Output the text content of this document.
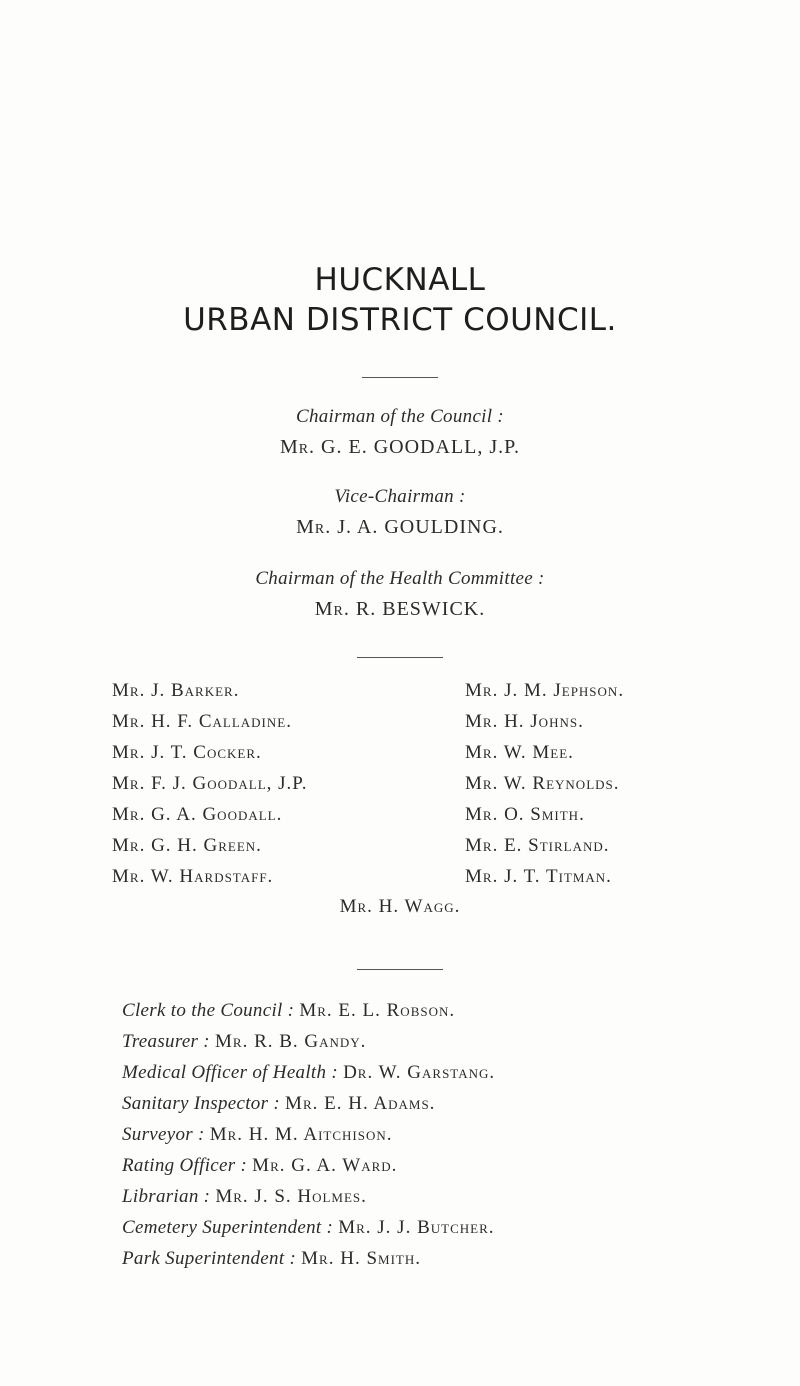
HUCKNALL
URBAN DISTRICT COUNCIL.
Chairman of the Council :
Mr. G. E. GOODALL, J.P.
Vice-Chairman :
Mr. J. A. GOULDING.
Chairman of the Health Committee :
Mr. R. BESWICK.
Mr. J. Barker.
Mr. H. F. Calladine.
Mr. J. T. Cocker.
Mr. F. J. Goodall, J.P.
Mr. G. A. Goodall.
Mr. G. H. Green.
Mr. W. Hardstaff.
Mr. J. M. Jephson.
Mr. H. Johns.
Mr. W. Mee.
Mr. W. Reynolds.
Mr. O. Smith.
Mr. E. Stirland.
Mr. J. T. Titman.
Mr. H. Wagg.
Clerk to the Council : Mr. E. L. Robson.
Treasurer : Mr. R. B. Gandy.
Medical Officer of Health : Dr. W. Garstang.
Sanitary Inspector : Mr. E. H. Adams.
Surveyor : Mr. H. M. Aitchison.
Rating Officer : Mr. G. A. Ward.
Librarian : Mr. J. S. Holmes.
Cemetery Superintendent : Mr. J. J. Butcher.
Park Superintendent : Mr. H. Smith.
